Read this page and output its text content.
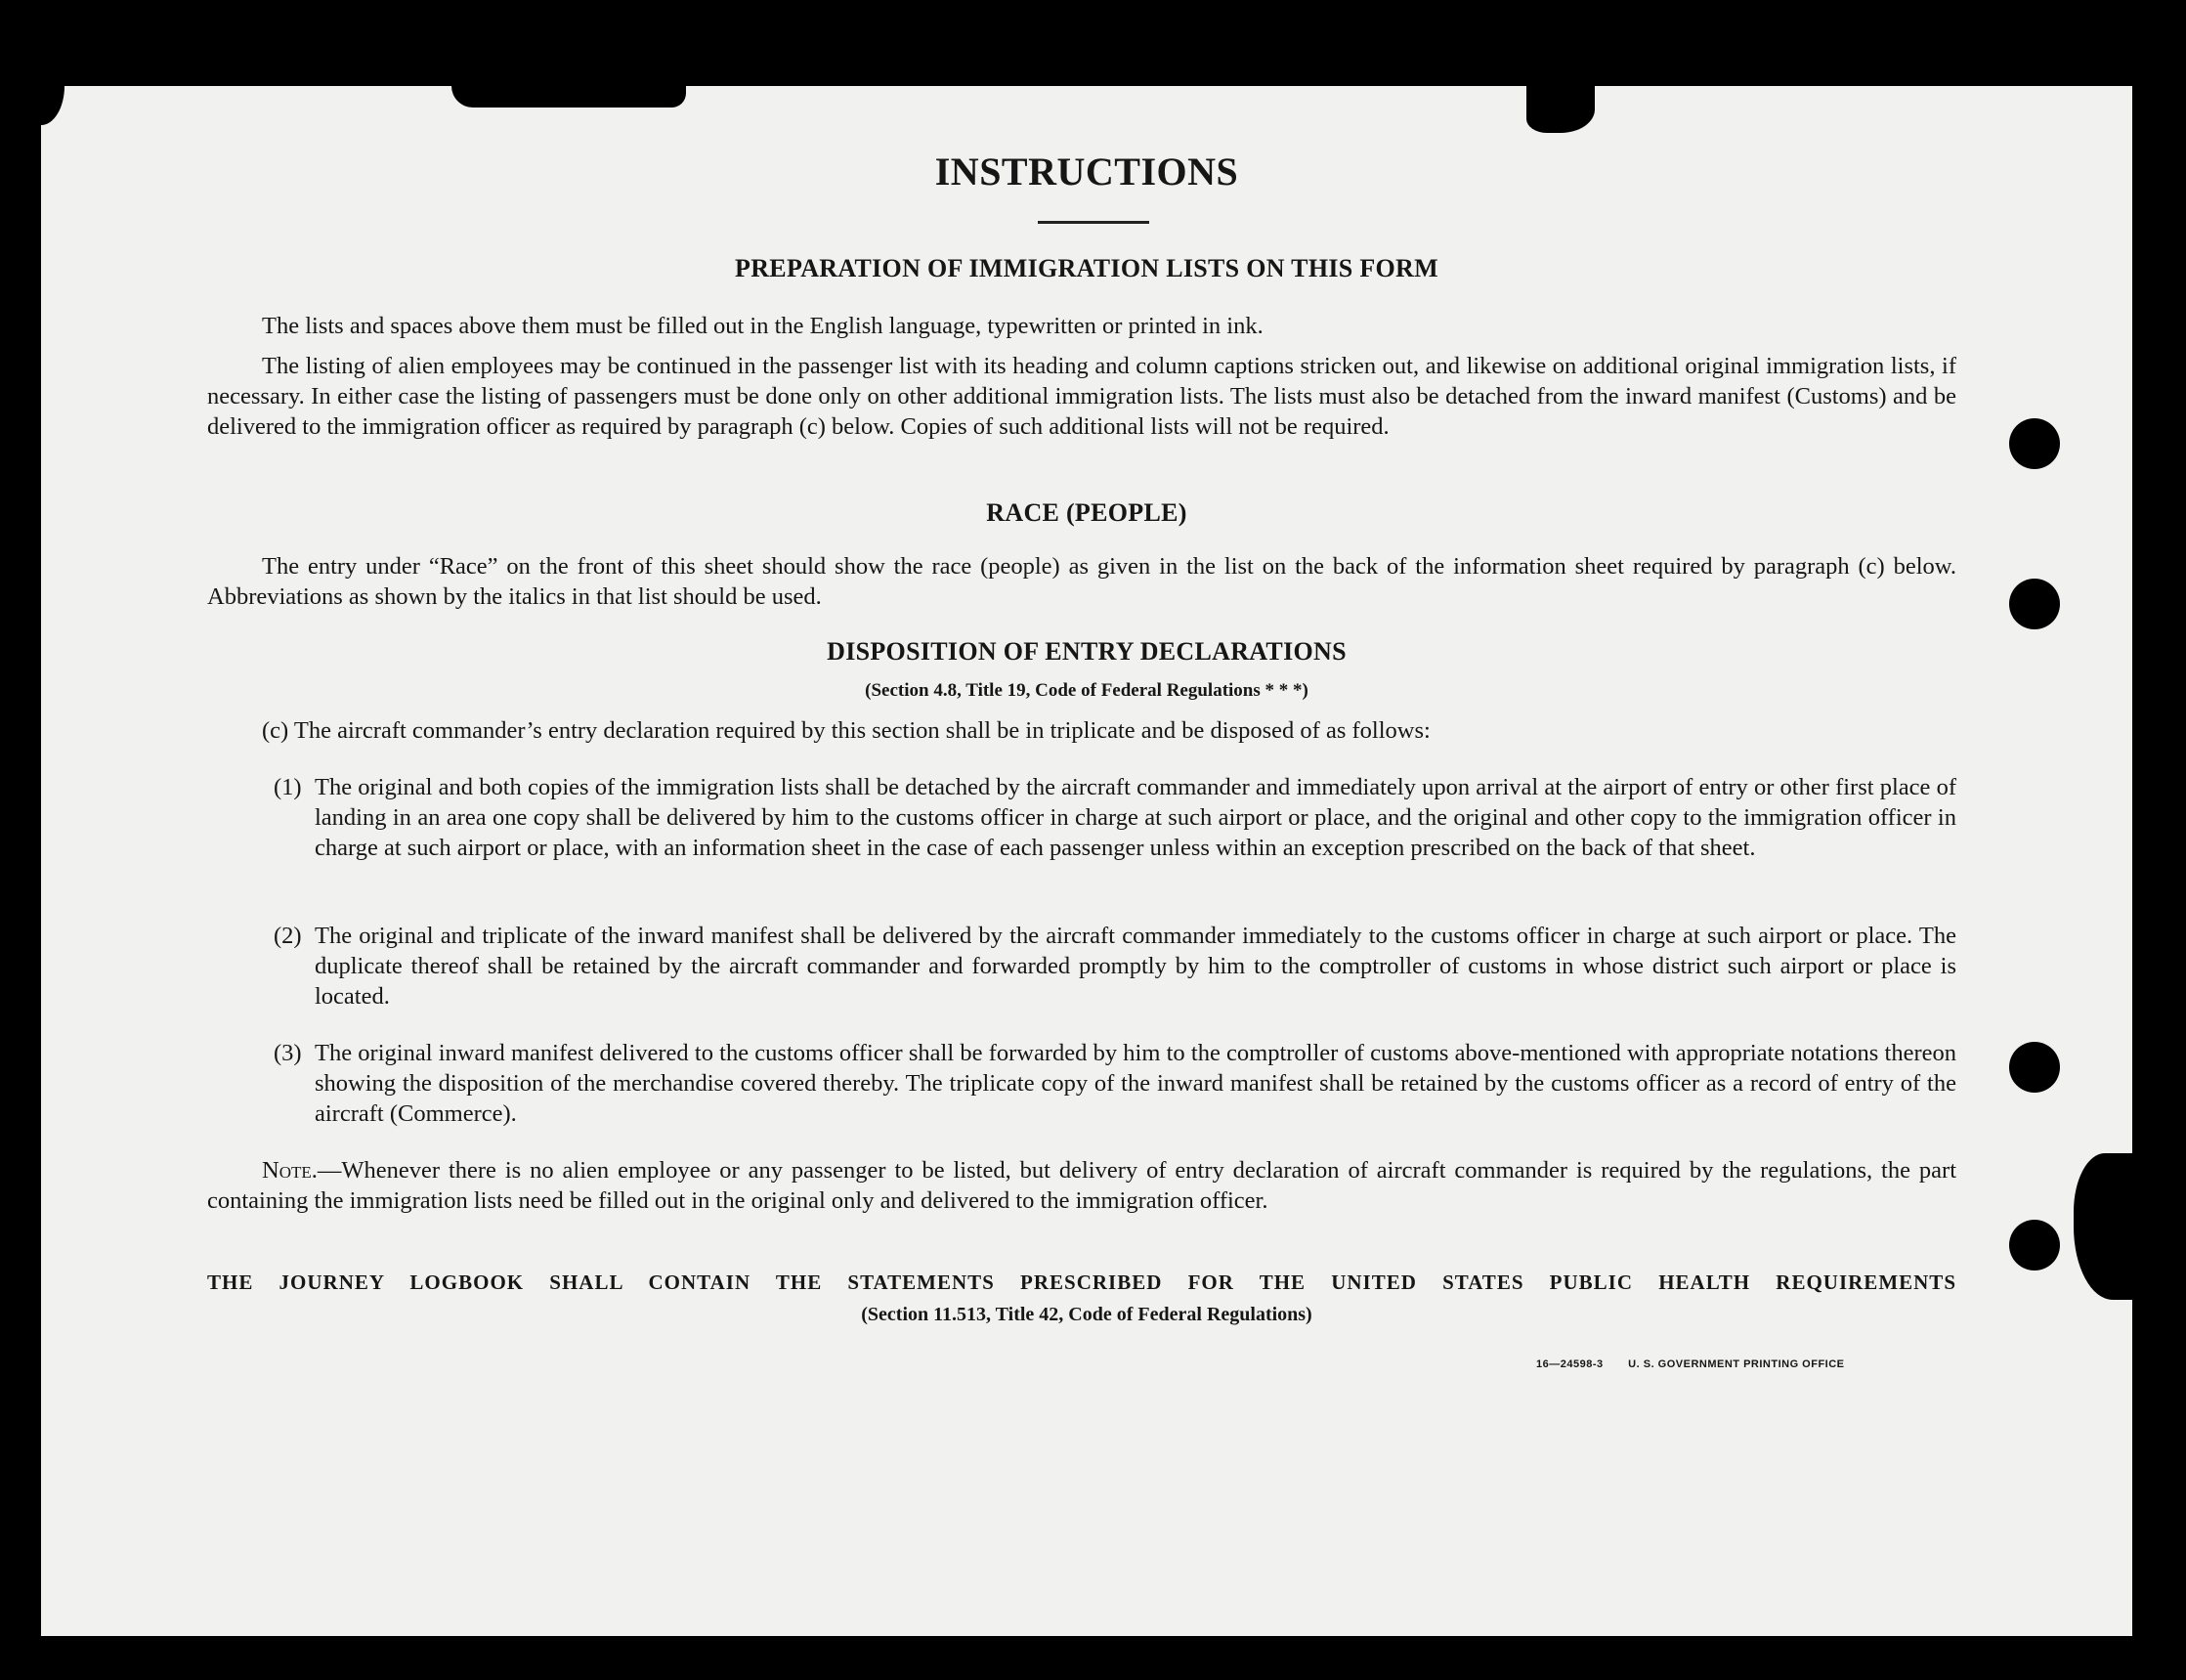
INSTRUCTIONS
PREPARATION OF IMMIGRATION LISTS ON THIS FORM

The lists and spaces above them must be filled out in the English language, typewritten or printed in ink.

The listing of alien employees may be continued in the passenger list with its heading and column captions stricken out, and likewise on additional original immigration lists, if necessary. In either case the listing of passengers must be done only on other additional immigration lists. The lists must also be detached from the inward manifest (Customs) and be delivered to the immigration officer as required by paragraph (c) below. Copies of such additional lists will not be required.

RACE (PEOPLE)

The entry under “Race” on the front of this sheet should show the race (people) as given in the list on the back of the information sheet required by paragraph (c) below. Abbreviations as shown by the italics in that list should be used.

DISPOSITION OF ENTRY DECLARATIONS
(Section 4.8, Title 19, Code of Federal Regulations * * *)

(c) The aircraft commander’s entry declaration required by this section shall be in triplicate and be disposed of as follows:

(1) The original and both copies of the immigration lists shall be detached by the aircraft commander and immediately upon arrival at the airport of entry or other first place of landing in an area one copy shall be delivered by him to the customs officer in charge at such airport or place, and the original and other copy to the immigration officer in charge at such airport or place, with an information sheet in the case of each passenger unless within an exception prescribed on the back of that sheet.
(2) The original and triplicate of the inward manifest shall be delivered by the aircraft commander immediately to the customs officer in charge at such airport or place. The duplicate thereof shall be retained by the aircraft commander and forwarded promptly by him to the comptroller of customs in whose district such airport or place is located.
(3) The original inward manifest delivered to the customs officer shall be forwarded by him to the comptroller of customs above-mentioned with appropriate notations thereon showing the disposition of the merchandise covered thereby. The triplicate copy of the inward manifest shall be retained by the customs officer as a record of entry of the aircraft (Commerce).

Note.—Whenever there is no alien employee or any passenger to be listed, but delivery of entry declaration of aircraft commander is required by the regulations, the part containing the immigration lists need be filled out in the original only and delivered to the immigration officer.

THE JOURNEY LOGBOOK SHALL CONTAIN THE STATEMENTS PRESCRIBED FOR THE UNITED STATES PUBLIC HEALTH REQUIREMENTS
(Section 11.513, Title 42, Code of Federal Regulations)
16—24598-3 U. S. GOVERNMENT PRINTING OFFICE
